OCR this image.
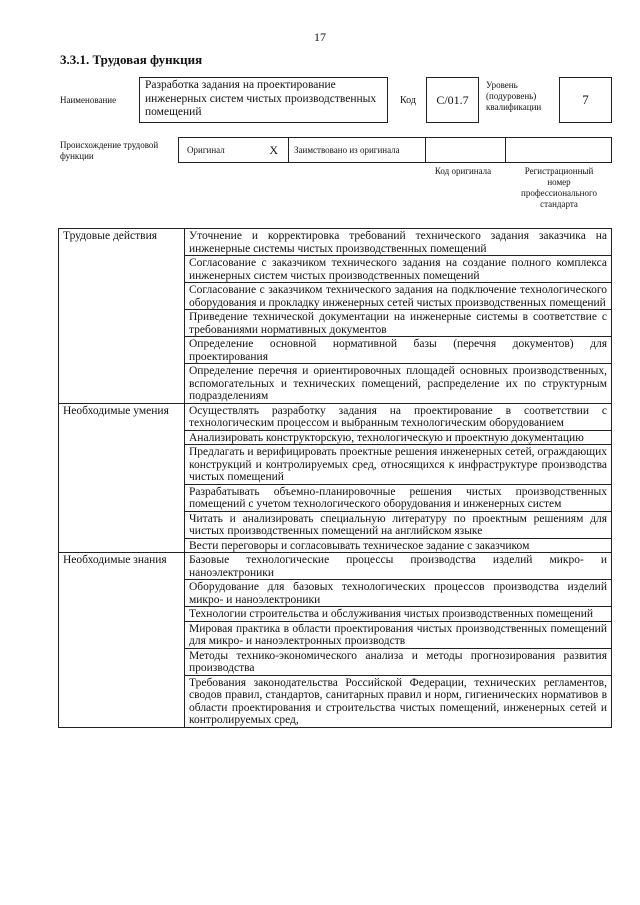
17
3.3.1. Трудовая функция
Наименование
Разработка задания на проектирование инженерных систем чистых производственных помещений
Код	С/01.7
Уровень (подуровень) квалификации	7
Происхождение трудовой функции
Оригинал	X Заимствовано из оригинала
Код оригинала	Регистрационный номер профессионального стандарта
Трудовые действия	Уточнение и корректировка требований технического задания заказчика на инженерные системы чистых производственных помещений
	Согласование с заказчиком технического задания на создание полного комплекса инженерных систем чистых производственных помещений
	Согласование с заказчиком технического задания на подключение технологического оборудования и прокладку инженерных сетей чистых производственных помещений
	Приведение технической документации на инженерные системы в соответствие с требованиями нормативных документов
	Определение основной нормативной базы (перечня документов) для проектирования
	Определение перечня и ориентировочных площадей основных производственных, вспомогательных и технических помещений, распределение их по структурным подразделениям
Необходимые умения	Осуществлять разработку задания на проектирование в соответствии с технологическим процессом и выбранным технологическим оборудованием
	Анализировать конструкторскую, технологическую и проектную документацию
	Предлагать и верифицировать проектные решения инженерных сетей, ограждающих конструкций и контролируемых сред, относящихся к инфраструктуре производства чистых помещений
	Разрабатывать объемно-планировочные решения чистых производственных помещений с учетом технологического оборудования и инженерных систем
	Читать и анализировать специальную литературу по проектным решениям для чистых производственных помещений на английском языке
	Вести переговоры и согласовывать техническое задание с заказчиком
Необходимые знания	Базовые технологические процессы производства изделий микро- и наноэлектроники
	Оборудование для базовых технологических процессов производства изделий микро- и наноэлектроники
	Технологии строительства и обслуживания чистых производственных помещений
	Мировая практика в области проектирования чистых производственных помещений для микро- и наноэлектронных производств
	Методы технико-экономического анализа и методы прогнозирования развития производства
	Требования законодательства Российской Федерации, технических регламентов, сводов правил, стандартов, санитарных правил и норм, гигиенических нормативов в области проектирования и строительства чистых помещений, инженерных сетей и контролируемых сред,
